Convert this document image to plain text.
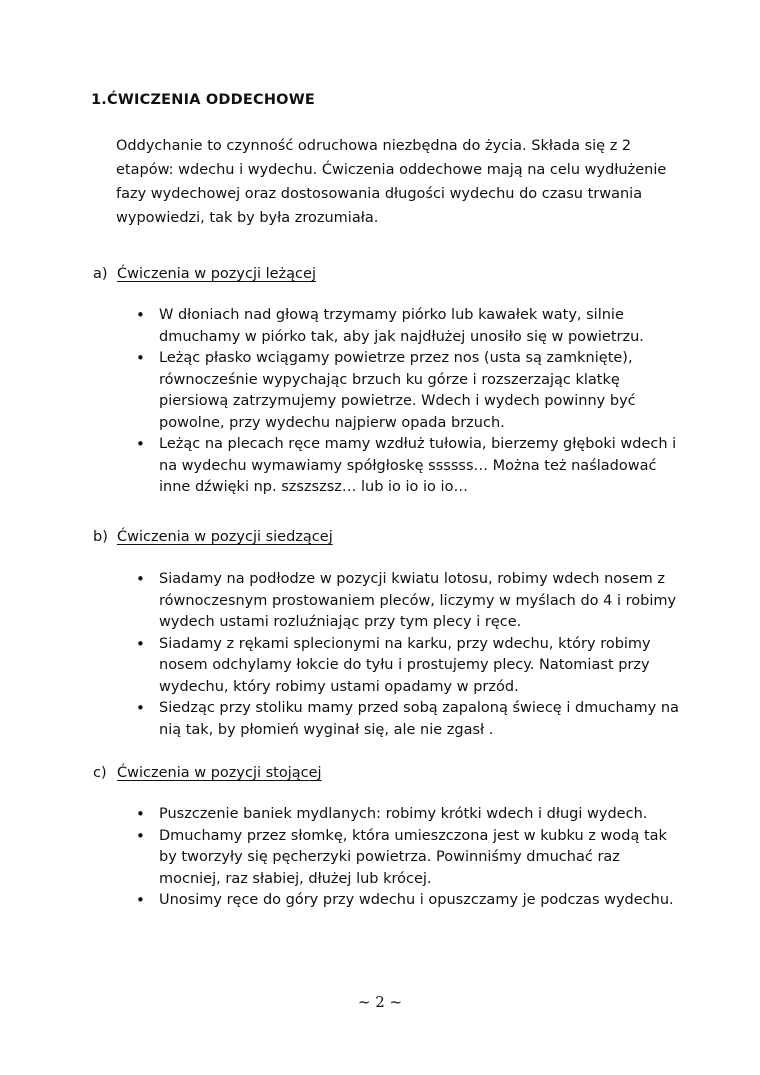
1.ĆWICZENIA ODDECHOWE

Oddychanie to czynność odruchowa niezbędna do życia. Składa się z 2 etapów: wdechu i wydechu. Ćwiczenia oddechowe mają na celu wydłużenie fazy wydechowej oraz dostosowania długości wydechu do czasu trwania wypowiedzi, tak by była zrozumiała.

a) Ćwiczenia w pozycji leżącej
• W dłoniach nad głową trzymamy piórko lub kawałek waty, silnie dmuchamy w piórko tak, aby jak najdłużej unosiło się w powietrzu.
• Leżąc płasko wciągamy powietrze przez nos (usta są zamknięte), równocześnie wypychając brzuch ku górze i rozszerzając klatkę piersiową zatrzymujemy powietrze. Wdech i wydech powinny być powolne, przy wydechu najpierw opada brzuch.
• Leżąc na plecach ręce mamy wzdłuż tułowia, bierzemy głęboki wdech i na wydechu wymawiamy spółgłoskę ssssss… Można też naśladować inne dźwięki np. szszszsz… lub io io io io…
b) Ćwiczenia w pozycji siedzącej
• Siadamy na podłodze w pozycji kwiatu lotosu, robimy wdech nosem z równoczesnym prostowaniem pleców, liczymy w myślach do 4 i robimy wydech ustami rozluźniając przy tym plecy i ręce.
• Siadamy z rękami splecionymi na karku, przy wdechu, który robimy nosem odchylamy łokcie do tyłu i prostujemy plecy. Natomiast przy wydechu, który robimy ustami opadamy w przód.
• Siedząc przy stoliku mamy przed sobą zapaloną świecę i dmuchamy na nią tak, by płomień wyginał się, ale nie zgasł .
c) Ćwiczenia w pozycji stojącej
• Puszczenie baniek mydlanych: robimy krótki wdech i długi wydech.
• Dmuchamy przez słomkę, która umieszczona jest w kubku z wodą tak by tworzyły się pęcherzyki powietrza. Powinniśmy dmuchać raz mocniej, raz słabiej, dłużej lub krócej.
• Unosimy ręce do góry przy wdechu i opuszczamy je podczas wydechu.
~ 2 ~
